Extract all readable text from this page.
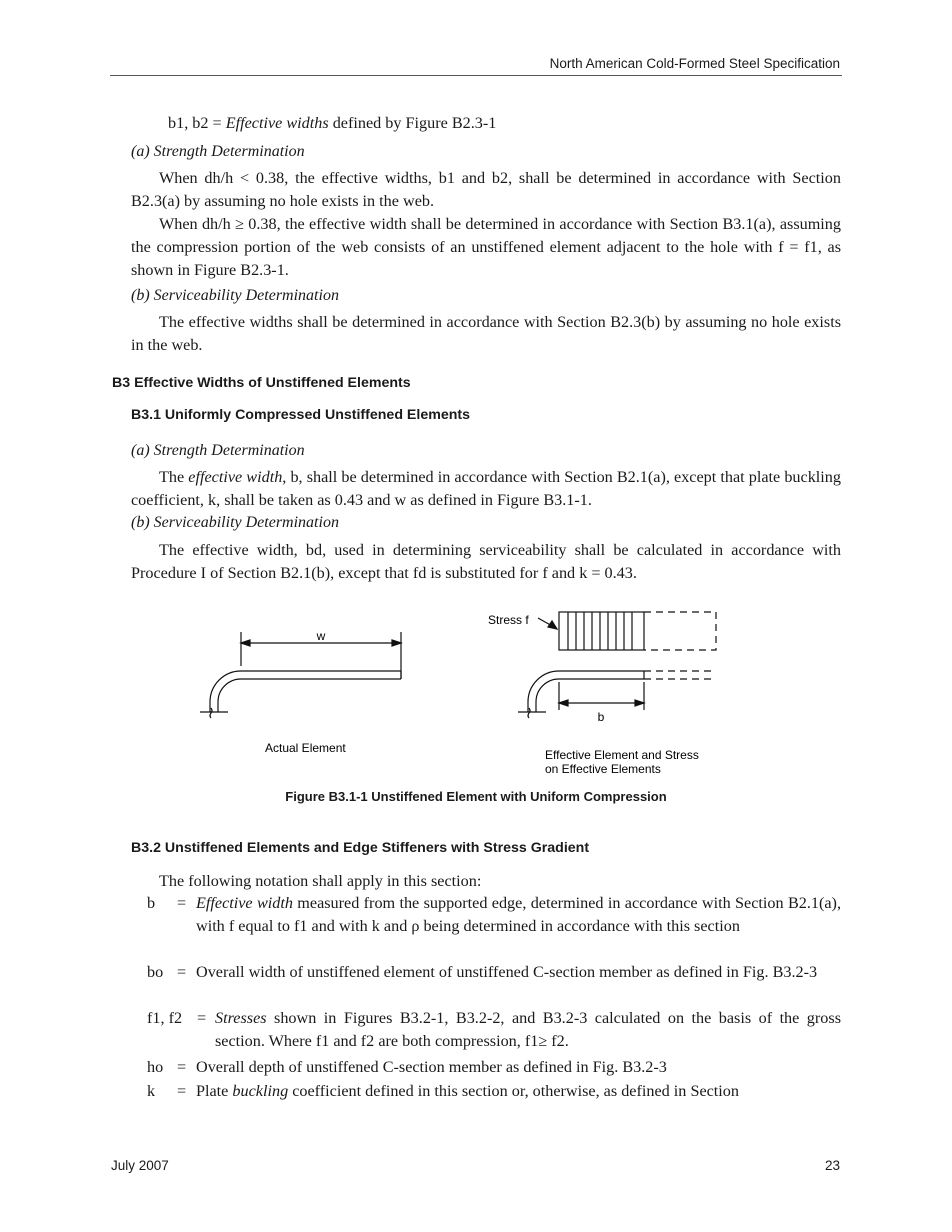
North American Cold-Formed Steel Specification
b1, b2 = Effective widths defined by Figure B2.3-1
(a) Strength Determination

When dh/h < 0.38, the effective widths, b1 and b2, shall be determined in accordance with Section B2.3(a) by assuming no hole exists in the web.

When dh/h ≥ 0.38, the effective width shall be determined in accordance with Section B3.1(a), assuming the compression portion of the web consists of an unstiffened element adjacent to the hole with f = f1, as shown in Figure B2.3-1.

(b) Serviceability Determination

The effective widths shall be determined in accordance with Section B2.3(b) by assuming no hole exists in the web.

B3 Effective Widths of Unstiffened Elements
B3.1 Uniformly Compressed Unstiffened Elements
(a) Strength Determination

The effective width, b, shall be determined in accordance with Section B2.1(a), except that plate buckling coefficient, k, shall be taken as 0.43 and w as defined in Figure B3.1-1.

(b) Serviceability Determination

The effective width, bd, used in determining serviceability shall be calculated in accordance with Procedure I of Section B2.1(b), except that fd is substituted for f and k = 0.43.

w
Stress f
b
Actual Element	Effective Element and Stress
on Effective Elements
Figure B3.1-1 Unstiffened Element with Uniform Compression
B3.2 Unstiffened Elements and Edge Stiffeners with Stress Gradient

The following notation shall apply in this section:

b = Effective width measured from the supported edge, determined in accordance with Section B2.1(a), with f equal to f1 and with k and ρ being determined in accordance with this section
bo = Overall width of unstiffened element of unstiffened C-section member as defined in Fig. B3.2-3
f1, f2 = Stresses shown in Figures B3.2-1, B3.2-2, and B3.2-3 calculated on the basis of the gross section. Where f1 and f2 are both compression, f1≥ f2.
ho = Overall depth of unstiffened C-section member as defined in Fig. B3.2-3
k = Plate buckling coefficient defined in this section or, otherwise, as defined in Section
July 2007	23
